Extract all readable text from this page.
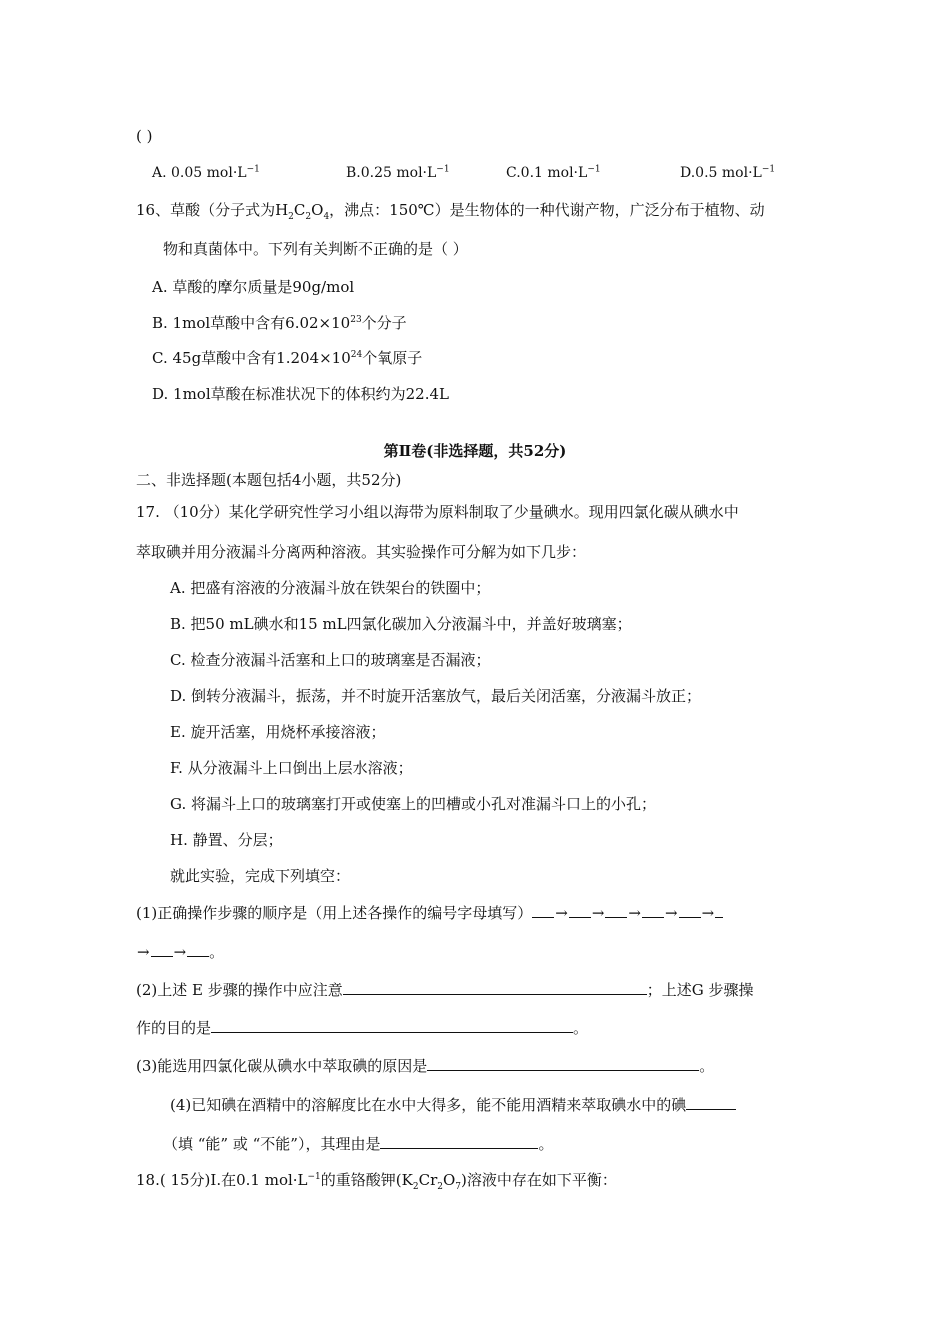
( )
A. 0.05 $mol\cdot L^{-1}$	B.0.25 $mol\cdot L^{-1}$	C.0.1 $mol\cdot L^{-1}$	D.0.5 $mol\cdot L^{-1}$
16、草酸（分子式为$H_2C_2O_4$，沸点：150℃）是生物体的一种代谢产物，广泛分布于植物、动
物和真菌体中。下列有关判断不正确的是（ ）
A. 草酸的摩尔质量是90g/mol
B. 1mol草酸中含有$6.02\times 10^{23}$个分子
C. 45g草酸中含有$1.204\times 10^{24}$个氧原子
D. 1mol草酸在标准状况下的体积约为22.4L
第Ⅱ卷(非选择题，共52分)
二、非选择题(本题包括4小题，共52分)
17. （10分）某化学研究性学习小组以海带为原料制取了少量碘水。现用四氯化碳从碘水中
萃取碘并用分液漏斗分离两种溶液。其实验操作可分解为如下几步：
A. 把盛有溶液的分液漏斗放在铁架台的铁圈中；
B. 把50 mL碘水和15 mL四氯化碳加入分液漏斗中，并盖好玻璃塞；
C. 检查分液漏斗活塞和上口的玻璃塞是否漏液；
D. 倒转分液漏斗，振荡，并不时旋开活塞放气，最后关闭活塞，分液漏斗放正；
E. 旋开活塞，用烧杯承接溶液；
F. 从分液漏斗上口倒出上层水溶液；
G. 将漏斗上口的玻璃塞打开或使塞上的凹槽或小孔对准漏斗口上的小孔；
H. 静置、分层；
就此实验，完成下列填空：
(1)正确操作步骤的顺序是（用上述各操作的编号字母填写） → → → → →
→ → 。
(2)上述 E 步骤的操作中应注意	；上述G 步骤操
作的目的是	。
(3)能选用四氯化碳从碘水中萃取碘的原因是	。
(4)已知碘在酒精中的溶解度比在水中大得多，能不能用酒精来萃取碘水中的碘
（填 “能” 或 “不能”），其理由是	。
18.( 15分)Ⅰ.在0.1 $mol\cdot L^{-1}$的重铬酸钾$(K_2Cr_2O_7)$溶液中存在如下平衡：
